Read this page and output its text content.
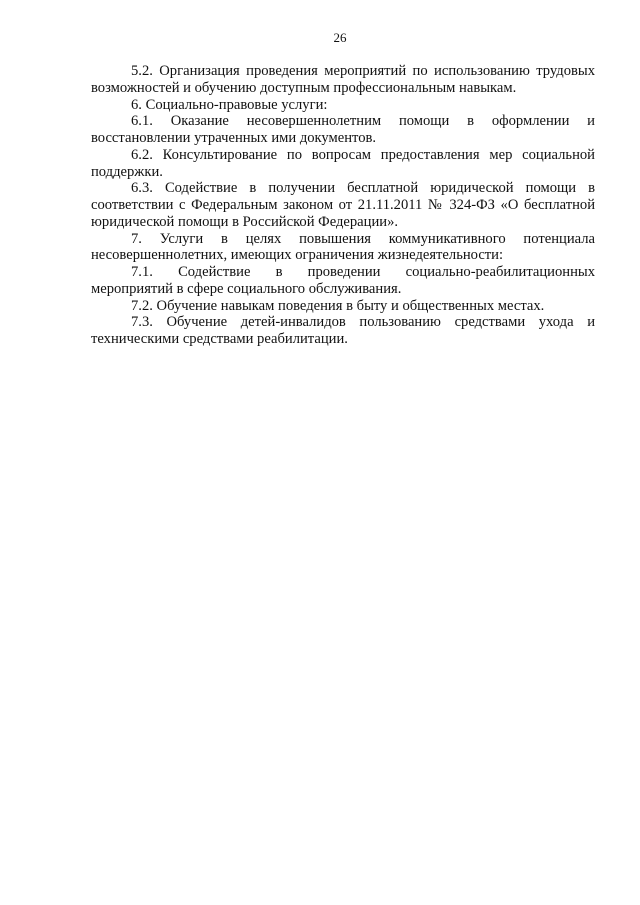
26
5.2. Организация проведения мероприятий по использованию трудовых
возможностей и обучению доступным профессиональным навыкам.
6. Социально-правовые услуги:
6.1. Оказание несовершеннолетним помощи в оформлении и
восстановлении утраченных ими документов.
6.2. Консультирование по вопросам предоставления мер социальной
поддержки.
6.3. Содействие в получении бесплатной юридической помощи в
соответствии с Федеральным законом от 21.11.2011 № 324-ФЗ «О бесплатной
юридической помощи в Российской Федерации».
7. Услуги в целях повышения коммуникативного потенциала
несовершеннолетних, имеющих ограничения жизнедеятельности:
7.1. Содействие в проведении социально-реабилитационных
мероприятий в сфере социального обслуживания.
7.2. Обучение навыкам поведения в быту и общественных местах.
7.3. Обучение детей-инвалидов пользованию средствами ухода и
техническими средствами реабилитации.
